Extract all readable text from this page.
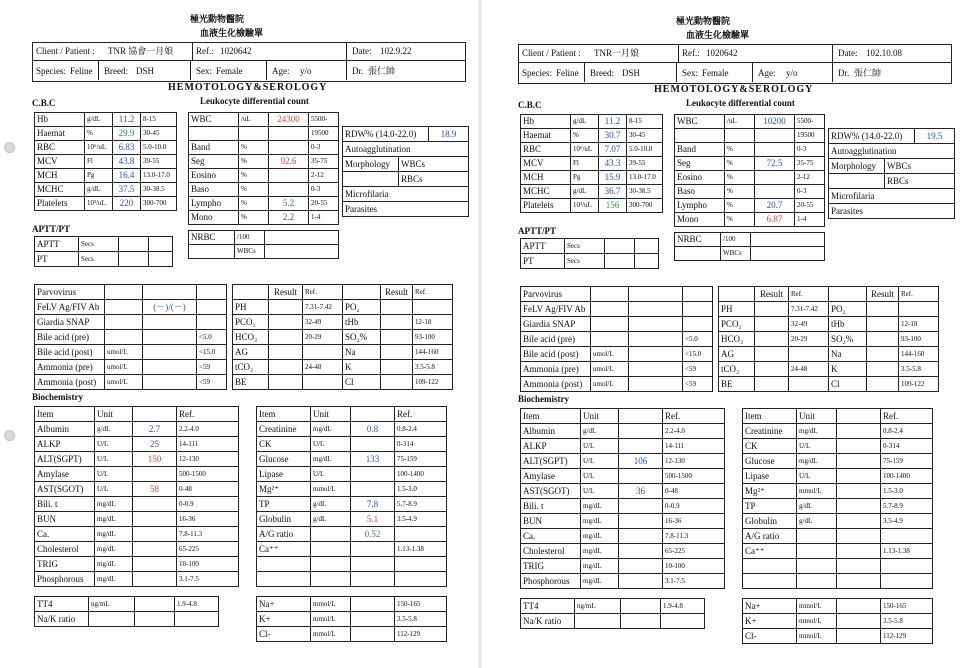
極光動物醫院
血液生化檢驗單
Client / Patient : TNR 協會一月娘	Ref.: 1020642	Date: 102.9.22
Species: Feline Breed: DSH	Sex: Female	Age: y/o	Dr. 張仁帥
HEMOTOLOGY&SEROLOGY
C.B.C	Leukocyte differential count
Hb	g/dL	11.2	8-15
Haemat	%	29.9	30-45
RBC	10⁶/uL	6.83	5.0-10.0
MCV	Fl	43.8	39-55
MCH	Pg	16.4	13.0-17.0
MCHC	g/dL	37.5	30-38.5
Platelets	10³/uL	220	300-700
WBC	/uL	24300	5500-
			19500
Band	%		0-3
Seg	%	92.6	35-75
Eosino	%		2-12
Baso	%		0-3
Lympho	%	5.2	20-55
Mono	%	2.2	1-4
NRBC	/100	
	WBCs	
RDW% (14.0-22.0)		18.9
Autoagglutination		
Morphology	WBCs	
	RBCs	
Microfilaria		
Parasites		
APTT/PT
APTT	Secs		
PT	Secs		
Parvovirus			
FeLV Ag/FIV Ab		(－)/(－)	
Giardia SNAP			
Bile acid (pre)			<5.0
Bile acid (post)	umol/L		<15.0
Ammonia (pre)	umol/L		<59
Ammonia (post)	umol/L		<59
	Result	Ref.		Result	Ref.
PH		7.31-7.42	PO₂		
PCO₂		32-49	tHb		12-18
HCO₃		20-29	SO₂%		93-100
AG			Na		144-160
tCO₂		24-48	K		3.5-5.8
BE			Cl		109-122
Biochemistry
Item	Unit		Ref.
Albumin	g/dL	2.7	2.2-4.0
ALKP	U/L	25	14-111
ALT(SGPT)	U/L	150	12-130
Amylase	U/L		500-1500
AST(SGOT)	U/L	58	0-48
Bili. t	mg/dL		0-0.9
BUN	mg/dL		16-36
Ca.	mg/dL		7.8-11.3
Cholesterol	mg/dL		65-225
TRIG	mg/dL		10-100
Phosphorous	mg/dL		3.1-7.5
Item	Unit		Ref.
Creatinine	mg/dL	0.8	0.8-2.4
CK	U/L		0-314
Glucose	mg/dL	133	75-159
Lipase	U/L		100-1400
Mg²⁺	mmol/L		1.5-3.0
TP	g/dL	7.8	5.7-8.9
Globulin	g/dL	5.1	3.5-4.9
A/G ratio		0.52	
Ca⁺⁺			1.13-1.38

TT4	ng/mL		1.9-4.8
Na/K ratio			
Na+	mmol/L		150-165
K+	mmol/L		3.5-5.8
Cl-	mmol/L		112-129
極光動物醫院
血液生化檢驗單
Client / Patient : TNR一月娘	Ref.: 1020642	Date: 102.10.08
Species: Feline Breed: DSH	Sex: Female	Age: y/o	Dr. 張仁帥
HEMOTOLOGY&SEROLOGY
C.B.C	Leukocyte differential count
Hb	g/dL	11.2	8-15
Haemat	%	30.7	30-45
RBC	10⁶/uL	7.07	5.0-10.0
MCV	Fl	43.3	39-55
MCH	Pg	15.9	13.0-17.0
MCHC	g/dL	36.7	30-38.5
Platelets	10³/uL	156	300-700
WBC	/uL	10200	5500-
			19500
Band	%		0-3
Seg	%	72.5	35-75
Eosino	%		2-12
Baso	%		0-3
Lympho	%	20.7	20-55
Mono	%	6.87	1-4
NRBC	/100	
	WBCs	
RDW% (14.0-22.0)		19.5
Autoagglutination		
Morphology	WBCs	
	RBCs	
Microfilaria		
Parasites		
APTT/PT
APTT	Secs		
PT	Secs		
Parvovirus			
FeLV Ag/FIV Ab			
Giardia SNAP			
Bile acid (pre)			<5.0
Bile acid (post)	umol/L		<15.0
Ammonia (pre)	umol/L		<59
Ammonia (post)	umol/L		<59
	Result	Ref.		Result	Ref.
PH		7.31-7.42	PO₂		
PCO₂		32-49	tHb		12-18
HCO₃		20-29	SO₂%		93-100
AG			Na		144-160
tCO₂		24-48	K		3.5-5.8
BE			Cl		109-122
Biochemistry
Item	Unit		Ref.
Albumin	g/dL		2.2-4.0
ALKP	U/L		14-111
ALT(SGPT)	U/L	106	12-130
Amylase	U/L		500-1500
AST(SGOT)	U/L	36	0-48
Bili. t	mg/dL		0-0.9
BUN	mg/dL		16-36
Ca.	mg/dL		7.8-11.3
Cholesterol	mg/dL		65-225
TRIG	mg/dL		10-100
Phosphorous	mg/dL		3.1-7.5
Item	Unit		Ref.
Creatinine	mg/dL		0.8-2.4
CK	U/L		0-314
Glucose	mg/dL		75-159
Lipase	U/L		100-1400
Mg²⁺	mmol/L		1.5-3.0
TP	g/dL		5.7-8.9
Globulin	g/dL		3.5-4.9
A/G ratio			
Ca⁺⁺			1.13-1.38

TT4	ng/mL		1.9-4.8
Na/K ratio			
Na+	mmol/L		150-165
K+	mmol/L		3.5-5.8
Cl-	mmol/L		112-129
